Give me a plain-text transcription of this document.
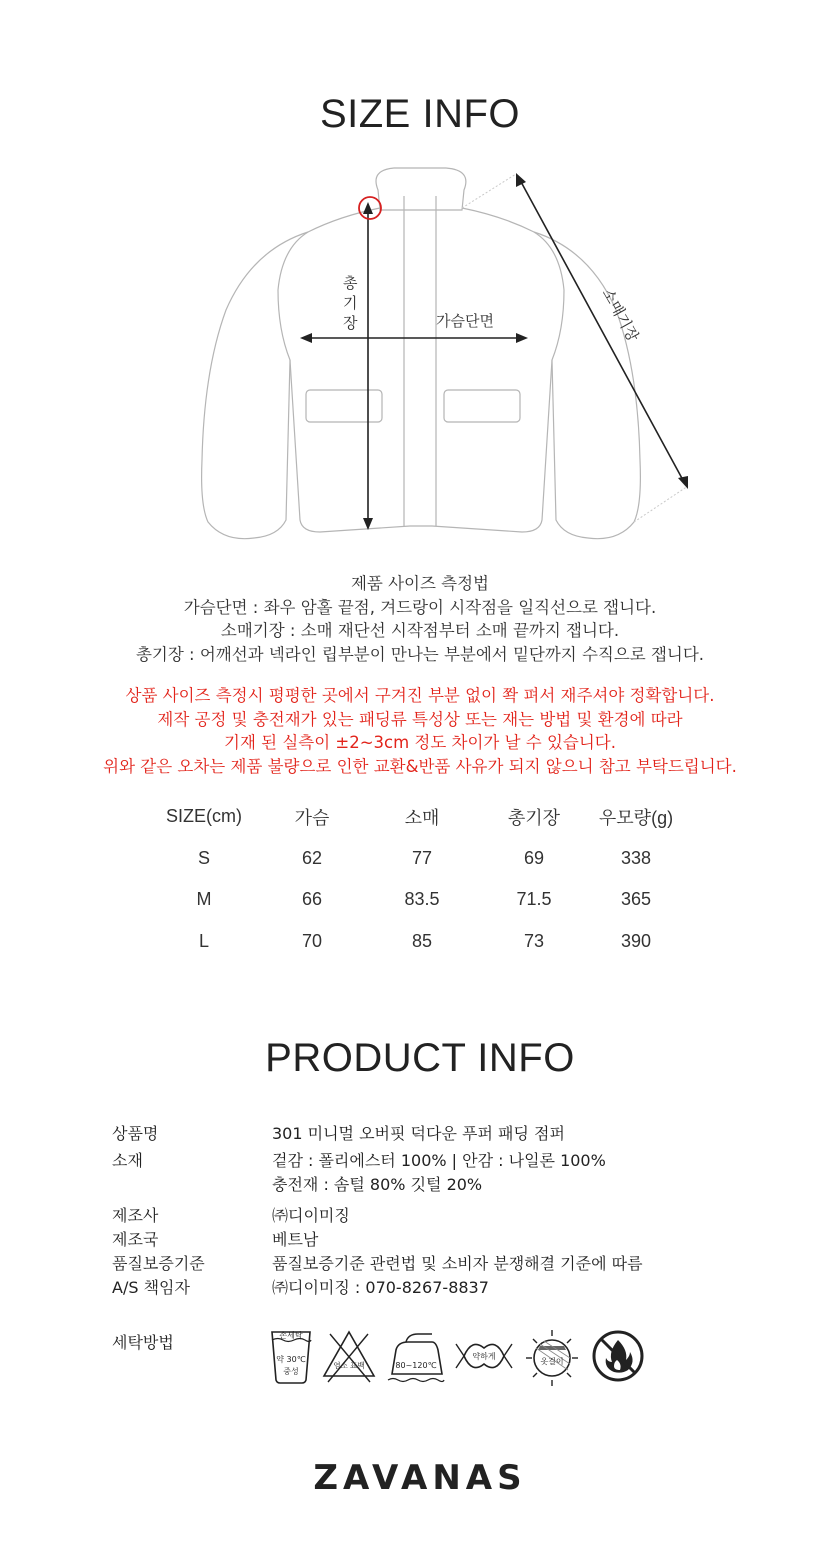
SIZE INFO
총 기 장	가슴단면	소매기장
제품 사이즈 측정법
가슴단면 : 좌우 암홀 끝점, 겨드랑이 시작점을 일직선으로 잽니다.
소매기장 : 소매 재단선 시작점부터 소매 끝까지 잽니다.
총기장 : 어깨선과 넥라인 립부분이 만나는 부분에서 밑단까지 수직으로 잽니다.
상품 사이즈 측정시 평평한 곳에서 구겨진 부분 없이 쫙 펴서 재주셔야 정확합니다.
제작 공정 및 충전재가 있는 패딩류 특성상 또는 재는 방법 및 환경에 따라
기재 된 실측이 ±2~3cm 정도 차이가 날 수 있습니다.
위와 같은 오차는 제품 불량으로 인한 교환&반품 사유가 되지 않으니 참고 부탁드립니다.
SIZE(cm)	가슴	소매	총기장	우모량(g)
S	62	77	69	338
M	66	83.5	71.5	365
L	70	85	73	390
PRODUCT INFO
상품명	301 미니멀 오버핏 덕다운 푸퍼 패딩 점퍼
소재	겉감 : 폴리에스터 100% | 안감 : 나일론 100%
충전재 : 솜털 80% 깃털 20%
제조사	㈜디이미징
제조국	베트남
품질보증기준	품질보증기준 관련법 및 소비자 분쟁해결 기준에 따름
A/S 책임자	㈜디이미징 : 070-8267-8837
세탁방법	손세탁
약 30℃
중성
염소 표백	80~120℃
약하게
옷걸이
ZAVANAS
